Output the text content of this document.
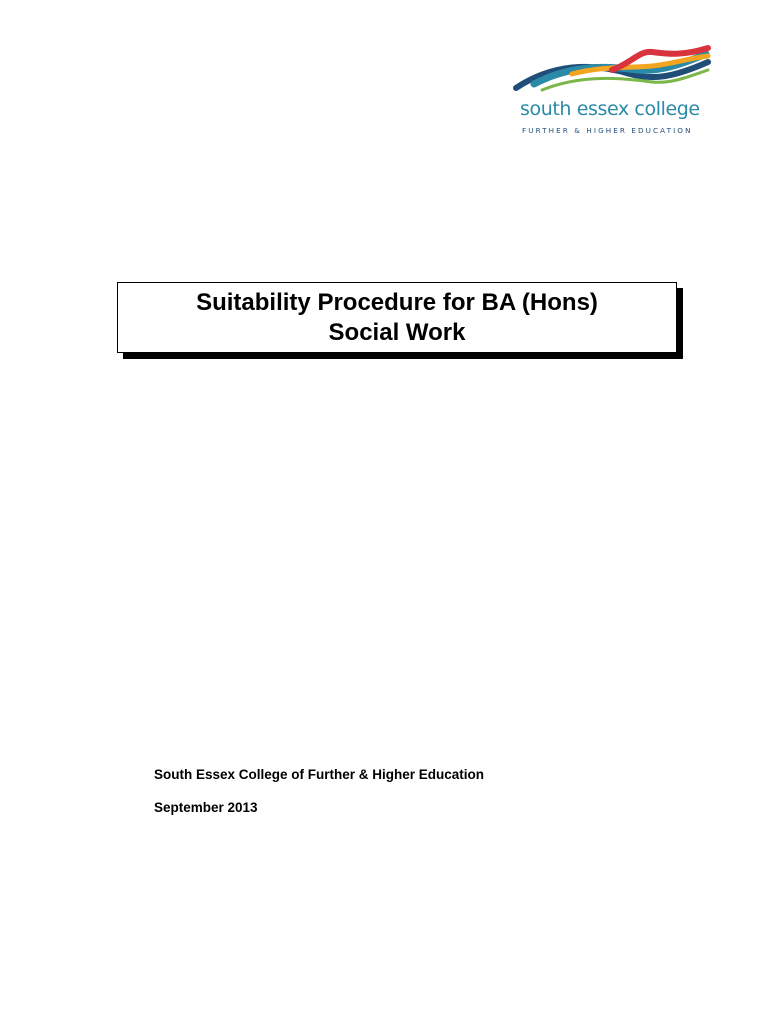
south essex college
FURTHER & HIGHER EDUCATION
Suitability Procedure for BA (Hons)
Social Work
South Essex College of Further & Higher Education
September 2013
